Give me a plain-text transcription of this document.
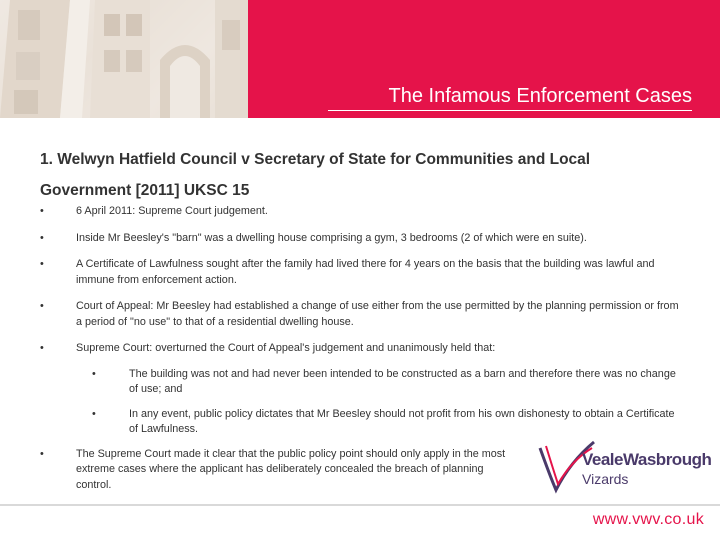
The Infamous Enforcement Cases
1. Welwyn Hatfield Council v Secretary of State for Communities and Local Government [2011] UKSC 15
•	6 April 2011: Supreme Court judgement.
•	Inside Mr Beesley's "barn" was a dwelling house comprising a gym, 3 bedrooms (2 of which were en suite).
•	A Certificate of Lawfulness sought after the family had lived there for 4 years on the basis that the building was lawful and immune from enforcement action.
•	Court of Appeal: Mr Beesley had established a change of use either from the use permitted by the planning permission or from a period of "no use" to that of a residential dwelling house.
•	Supreme Court: overturned the Court of Appeal's judgement and unanimously held that:
•	The building was not and had never been intended to be constructed as a barn and therefore there was no change of use; and
•	In any event, public policy dictates that Mr Beesley should not profit from his own dishonesty to obtain a Certificate of Lawfulness.
•	The Supreme Court made it clear that the public policy point should only apply in the most extreme cases where the applicant has deliberately concealed the breach of planning control.
VealeWasbrough
Vizards

www.vwv.co.uk
